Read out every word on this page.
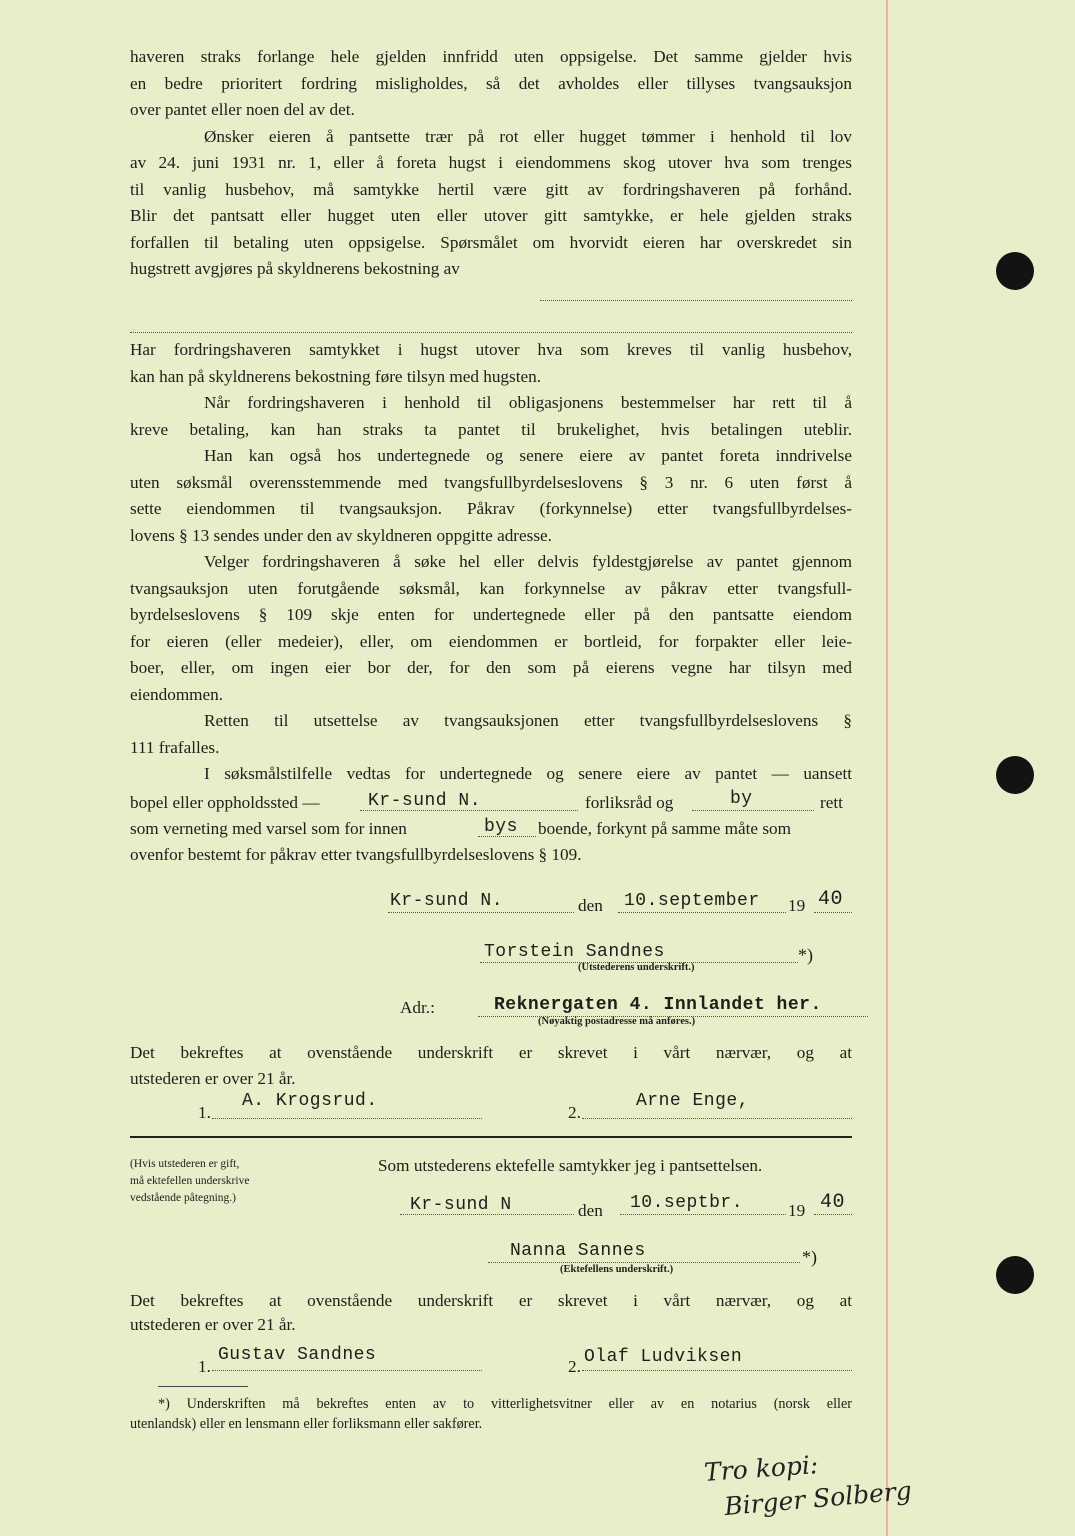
haveren straks forlange hele gjelden innfridd uten oppsigelse. Det samme gjelder hvis
en bedre prioritert fordring misligholdes, så det avholdes eller tillyses tvangsauksjon
over pantet eller noen del av det.
Ønsker eieren å pantsette trær på rot eller hugget tømmer i henhold til lov
av 24. juni 1931 nr. 1, eller å foreta hugst i eiendommens skog utover hva som trenges
til vanlig husbehov, må samtykke hertil være gitt av fordringshaveren på forhånd.
Blir det pantsatt eller hugget uten eller utover gitt samtykke, er hele gjelden straks
forfallen til betaling uten oppsigelse. Spørsmålet om hvorvidt eieren har overskredet sin
hugstrett avgjøres på skyldnerens bekostning av
Har fordringshaveren samtykket i hugst utover hva som kreves til vanlig husbehov,
kan han på skyldnerens bekostning føre tilsyn med hugsten.
Når fordringshaveren i henhold til obligasjonens bestemmelser har rett til å
kreve betaling, kan han straks ta pantet til brukelighet, hvis betalingen uteblir.
Han kan også hos undertegnede og senere eiere av pantet foreta inndrivelse
uten søksmål overensstemmende med tvangsfullbyrdelseslovens § 3 nr. 6 uten først å
sette eiendommen til tvangsauksjon. Påkrav (forkynnelse) etter tvangsfullbyrdelses-
lovens § 13 sendes under den av skyldneren oppgitte adresse.
Velger fordringshaveren å søke hel eller delvis fyldestgjørelse av pantet gjennom
tvangsauksjon uten forutgående søksmål, kan forkynnelse av påkrav etter tvangsfull-
byrdelseslovens § 109 skje enten for undertegnede eller på den pantsatte eiendom
for eieren (eller medeier), eller, om eiendommen er bortleid, for forpakter eller leie-
boer, eller, om ingen eier bor der, for den som på eierens vegne har tilsyn med
eiendommen.
Retten til utsettelse av tvangsauksjonen etter tvangsfullbyrdelseslovens §
111 frafalles.
I søksmålstilfelle vedtas for undertegnede og senere eiere av pantet — uansett
bopel eller oppholdssted —	Kr-sund N.	forliksråd og	by	rett
som verneting med varsel som for innen	bys boende, forkynt på samme måte som
ovenfor bestemt for påkrav etter tvangsfullbyrdelseslovens § 109.
Kr-sund N.	den 10.september 19 40
Torstein Sandnes	*)
(Utstederens underskrift.)
Adr.:	Reknergaten 4. Innlandet her.
(Nøyaktig postadresse må anføres.)
Det bekreftes at ovenstående underskrift er skrevet i vårt nærvær, og at
utstederen er over 21 år.
1.
A. Krogsrud.
2.
Arne Enge,
(Hvis utstederen er gift,
må ektefellen underskrive
vedstående påtegning.)
Som utstederens ektefelle samtykker jeg i pantsettelsen.
Kr-sund N	den 10.septbr.	19 40
Nanna Sannes	*)
(Ektefellens underskrift.)
Det bekreftes at ovenstående underskrift er skrevet i vårt nærvær, og at
utstederen er over 21 år.
1.
Gustav Sandnes
2. Olaf Ludviksen
*) Underskriften må bekreftes enten av to vitterlighetsvitner eller av en notarius (norsk eller
utenlandsk) eller en lensmann eller forliksmann eller sakfører.
Tro kopi:
Birger Solberg
